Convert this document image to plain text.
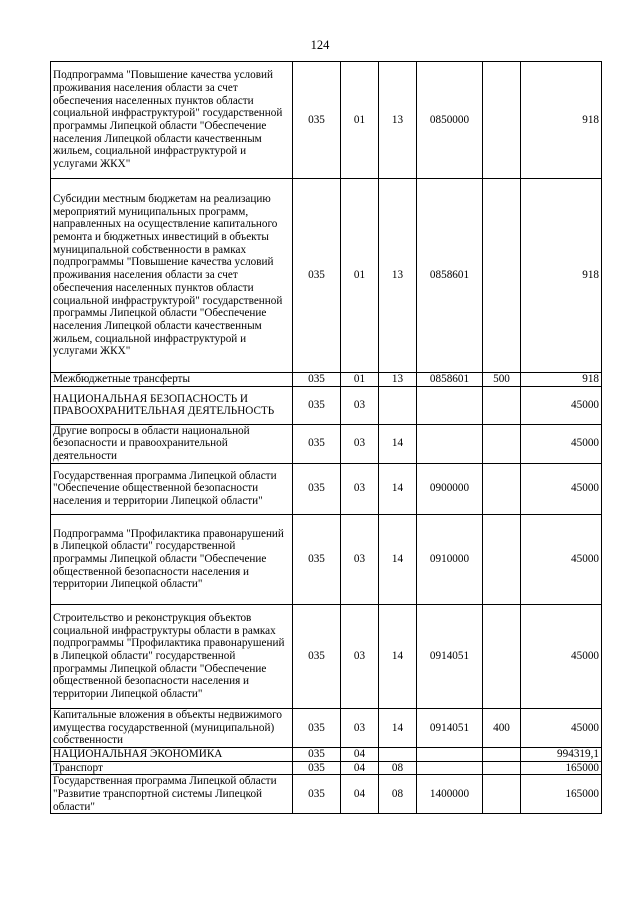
124
Подпрограмма "Повышение качества условий проживания населения области за счет обеспечения населенных пунктов области социальной инфраструктурой" государственной программы Липецкой области "Обеспечение населения Липецкой области качественным жильем, социальной инфраструктурой и услугами ЖКХ"	035	01	13	0850000		918
Субсидии местным бюджетам на реализацию мероприятий муниципальных программ, направленных на осуществление капитального ремонта и бюджетных инвестиций в объекты муниципальной собственности в рамках подпрограммы "Повышение качества условий проживания населения области за счет обеспечения населенных пунктов области социальной инфраструктурой" государственной программы Липецкой области "Обеспечение населения Липецкой области качественным жильем, социальной инфраструктурой и услугами ЖКХ"	035	01	13	0858601		918
Межбюджетные трансферты	035	01	13	0858601	500	918
НАЦИОНАЛЬНАЯ БЕЗОПАСНОСТЬ И ПРАВООХРАНИТЕЛЬНАЯ ДЕЯТЕЛЬНОСТЬ	035	03				45000
Другие вопросы в области национальной безопасности и правоохранительной деятельности	035	03	14			45000
Государственная программа Липецкой области "Обеспечение общественной безопасности населения и территории Липецкой области"	035	03	14	0900000		45000
Подпрограмма "Профилактика правонарушений в Липецкой области" государственной программы Липецкой области "Обеспечение общественной безопасности населения и территории Липецкой области"	035	03	14	0910000		45000
Строительство и реконструкция объектов социальной инфраструктуры области в рамках подпрограммы "Профилактика правонарушений в Липецкой области" государственной программы Липецкой области "Обеспечение общественной безопасности населения и территории Липецкой области"	035	03	14	0914051		45000
Капитальные вложения в объекты недвижимого имущества государственной (муниципальной) собственности	035	03	14	0914051	400	45000
НАЦИОНАЛЬНАЯ ЭКОНОМИКА	035	04				994319,1
Транспорт	035	04	08			165000
Государственная программа Липецкой области "Развитие транспортной системы Липецкой области"	035	04	08	1400000		165000
